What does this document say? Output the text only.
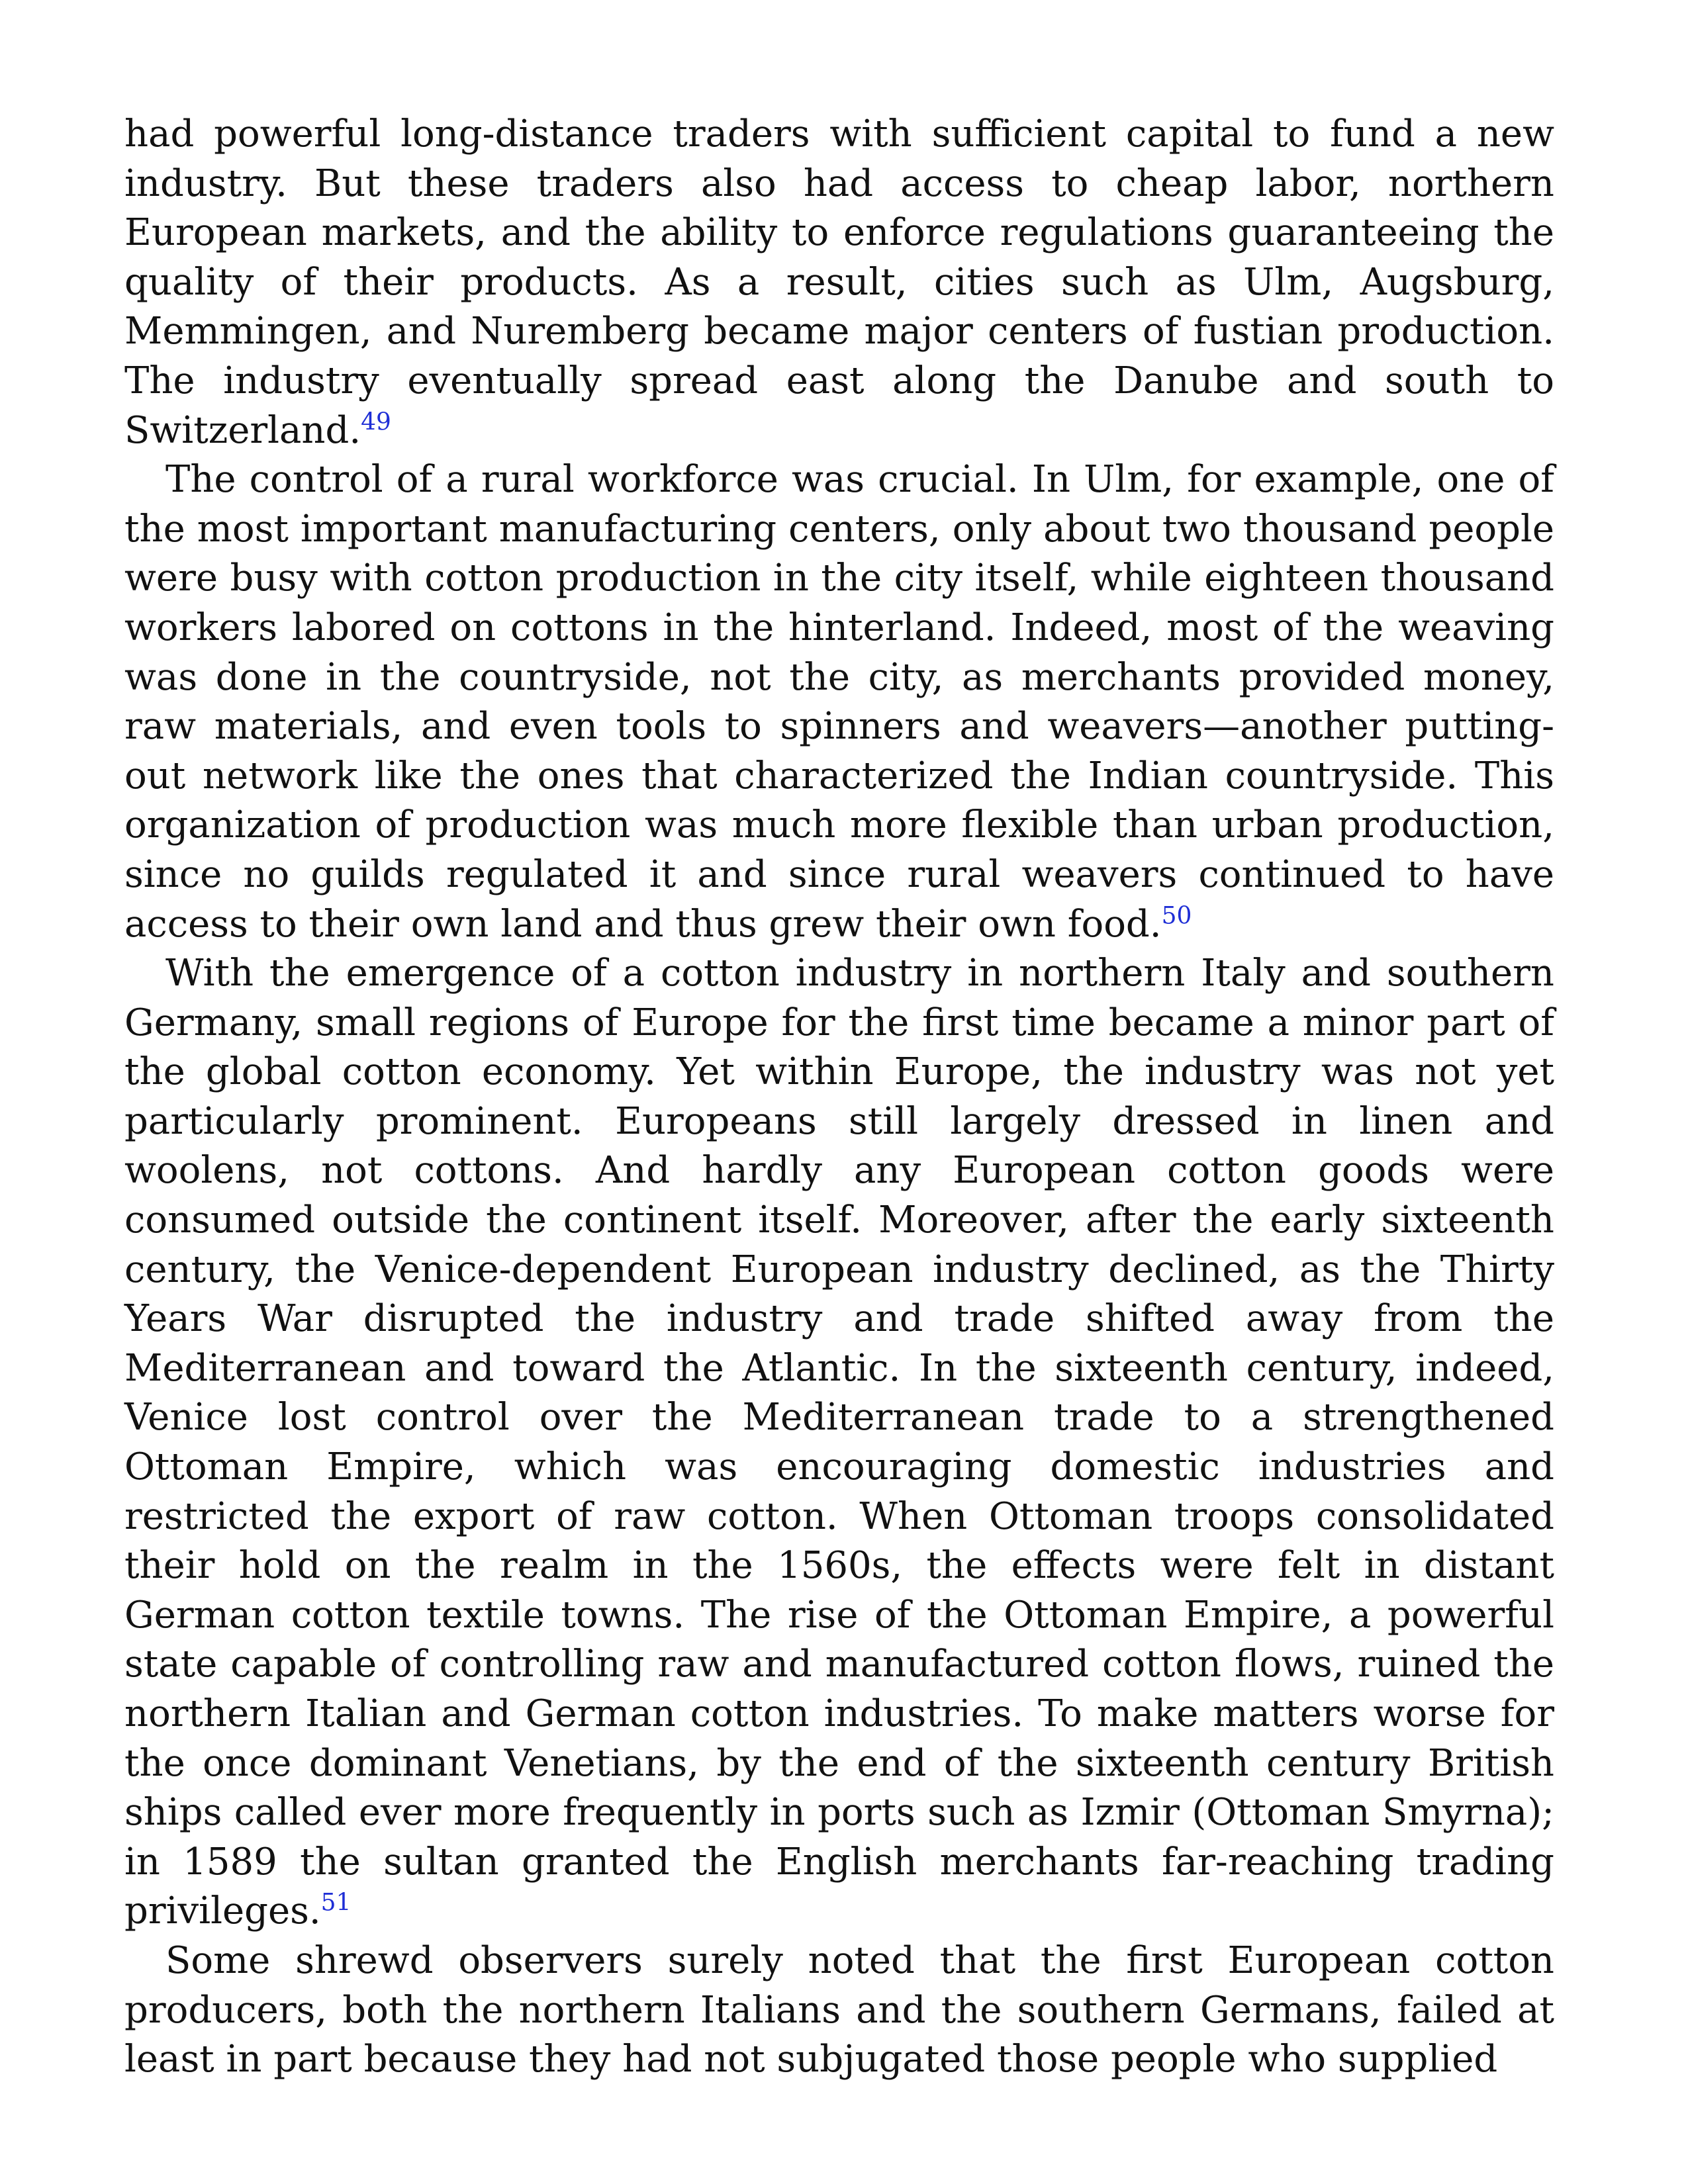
had powerful long-distance traders with sufficient capital to fund a new industry. But these traders also had access to cheap labor, northern European markets, and the ability to enforce regulations guaranteeing the quality of their products. As a result, cities such as Ulm, Augsburg, Memmingen, and Nuremberg became major centers of fustian production. The industry eventually spread east along the Danube and south to Switzerland.$^{49}$

The control of a rural workforce was crucial. In Ulm, for example, one of the most important manufacturing centers, only about two thousand people were busy with cotton production in the city itself, while eighteen thousand workers labored on cottons in the hinterland. Indeed, most of the weaving was done in the countryside, not the city, as merchants provided money, raw materials, and even tools to spinners and weavers—another putting-out network like the ones that characterized the Indian countryside. This organization of production was much more flexible than urban production, since no guilds regulated it and since rural weavers continued to have access to their own land and thus grew their own food.$^{50}$

With the emergence of a cotton industry in northern Italy and southern Germany, small regions of Europe for the first time became a minor part of the global cotton economy. Yet within Europe, the industry was not yet particularly prominent. Europeans still largely dressed in linen and woolens, not cottons. And hardly any European cotton goods were consumed outside the continent itself. Moreover, after the early sixteenth century, the Venice-dependent European industry declined, as the Thirty Years War disrupted the industry and trade shifted away from the Mediterranean and toward the Atlantic. In the sixteenth century, indeed, Venice lost control over the Mediterranean trade to a strengthened Ottoman Empire, which was encouraging domestic industries and restricted the export of raw cotton. When Ottoman troops consolidated their hold on the realm in the 1560s, the effects were felt in distant German cotton textile towns. The rise of the Ottoman Empire, a powerful state capable of controlling raw and manufactured cotton flows, ruined the northern Italian and German cotton industries. To make matters worse for the once dominant Venetians, by the end of the sixteenth century British ships called ever more frequently in ports such as Izmir (Ottoman Smyrna); in 1589 the sultan granted the English merchants far-reaching trading privileges.$^{51}$

Some shrewd observers surely noted that the first European cotton producers, both the northern Italians and the southern Germans, failed at least in part because they had not subjugated those people who supplied
